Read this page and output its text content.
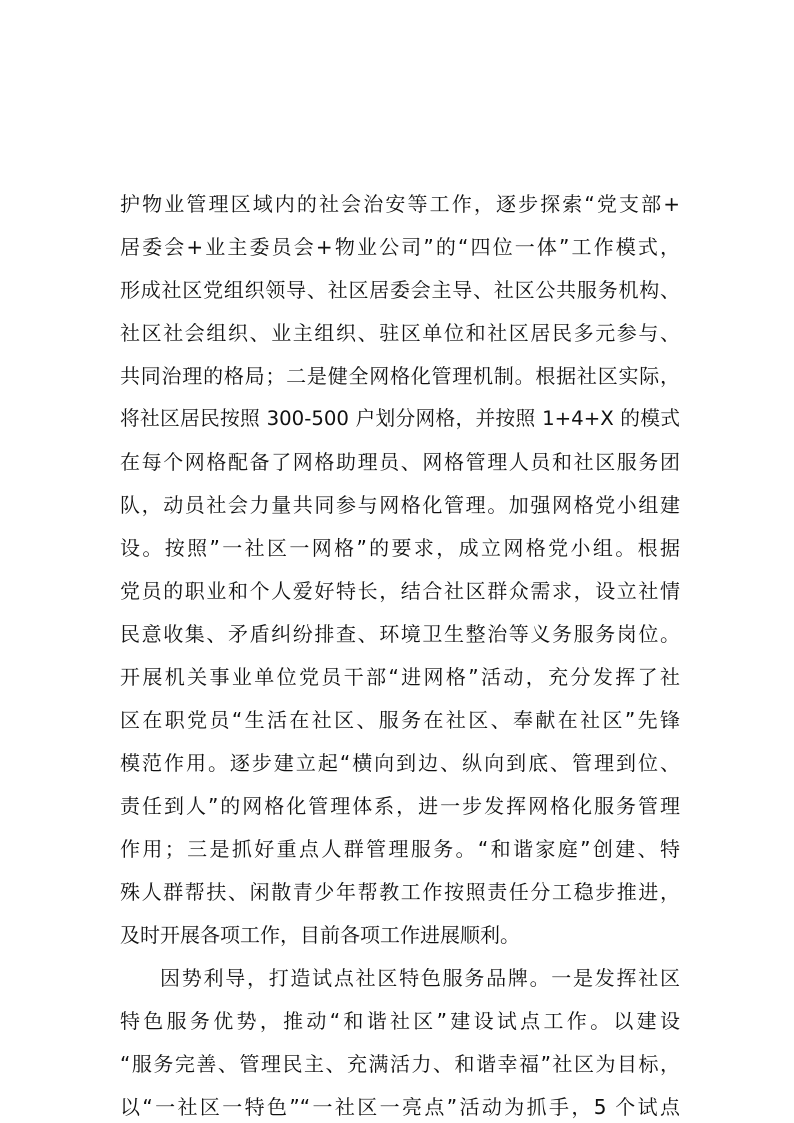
护物业管理区域内的社会治安等工作，逐步探索“党支部+
居委会+业主委员会+物业公司”的“四位一体”工作模式，
形成社区党组织领导、社区居委会主导、社区公共服务机构、
社区社会组织、业主组织、驻区单位和社区居民多元参与、
共同治理的格局；二是健全网格化管理机制。根据社区实际，
将社区居民按照 300-500 户划分网格，并按照 1+4+X 的模式
在每个网格配备了网格助理员、网格管理人员和社区服务团
队，动员社会力量共同参与网格化管理。加强网格党小组建
设。按照”一社区一网格”的要求，成立网格党小组。根据
党员的职业和个人爱好特长，结合社区群众需求，设立社情
民意收集、矛盾纠纷排查、环境卫生整治等义务服务岗位。
开展机关事业单位党员干部“进网格”活动，充分发挥了社
区在职党员“生活在社区、服务在社区、奉献在社区”先锋
模范作用。逐步建立起“横向到边、纵向到底、管理到位、
责任到人”的网格化管理体系，进一步发挥网格化服务管理
作用；三是抓好重点人群管理服务。“和谐家庭”创建、特
殊人群帮扶、闲散青少年帮教工作按照责任分工稳步推进，
及时开展各项工作，目前各项工作进展顺利。
因势利导，打造试点社区特色服务品牌。一是发挥社区
特色服务优势，推动“和谐社区”建设试点工作。以建设
“服务完善、管理民主、充满活力、和谐幸福”社区为目标，
以“一社区一特色”“一社区一亮点”活动为抓手，5 个试点
